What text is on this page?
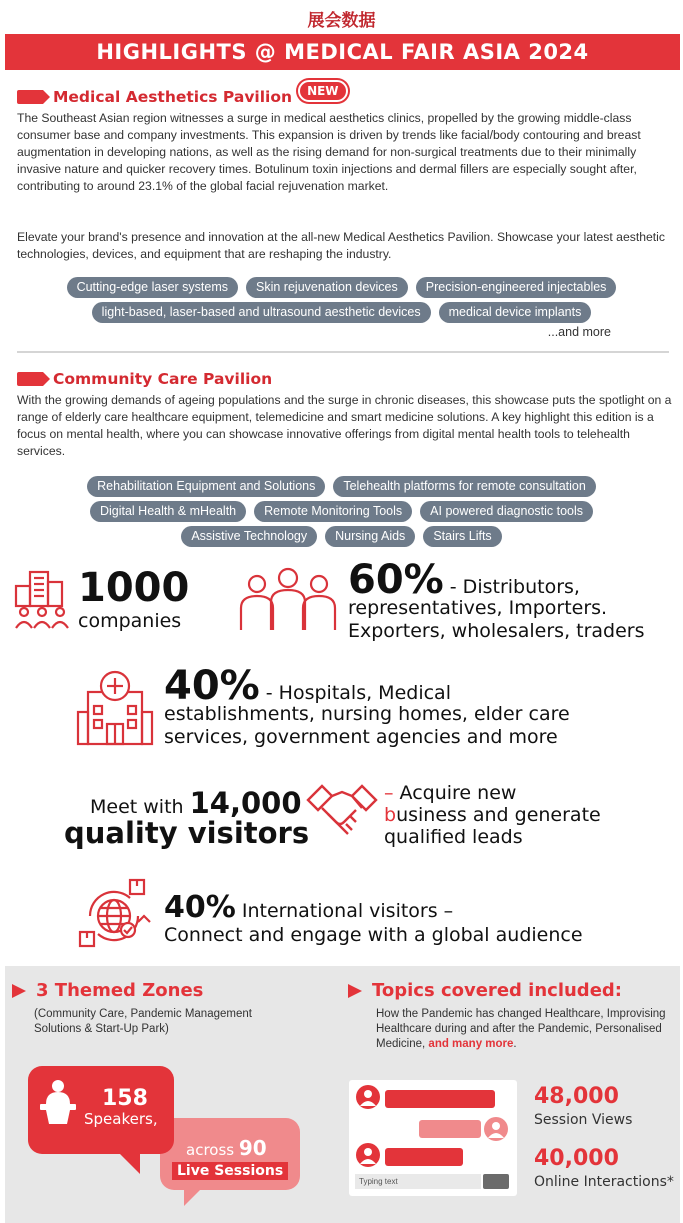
展会数据
HIGHLIGHTS @ MEDICAL FAIR ASIA 2024
Medical Aesthetics Pavilion	NEW
The Southeast Asian region witnesses a surge in medical aesthetics clinics, propelled by the growing middle-class consumer base and company investments. This expansion is driven by trends like facial/body contouring and breast augmentation in developing nations, as well as the rising demand for non-surgical treatments due to their minimally invasive nature and quicker recovery times. Botulinum toxin injections and dermal fillers are especially sought after, contributing to around 23.1% of the global facial rejuvenation market.
Elevate your brand's presence and innovation at the all-new Medical Aesthetics Pavilion. Showcase your latest aesthetic technologies, devices, and equipment that are reshaping the industry.
Cutting-edge laser systems	Skin rejuvenation devices	Precision-engineered injectables
light-based, laser-based and ultrasound aesthetic devices	medical device implants
...and more
Community Care Pavilion
With the growing demands of ageing populations and the surge in chronic diseases, this showcase puts the spotlight on a range of elderly care healthcare equipment, telemedicine and smart medicine solutions. A key highlight this edition is a focus on mental health, where you can showcase innovative offerings from digital mental health tools to telehealth services.
Rehabilitation Equipment and Solutions	Telehealth platforms for remote consultation
Digital Health & mHealth	Remote Monitoring Tools	AI powered diagnostic tools
Assistive Technology	Nursing Aids	Stairs Lifts
1000
companies
60% - Distributors,
representatives, Importers.
Exporters, wholesalers, traders
40% - Hospitals, Medical
establishments, nursing homes, elder care
services, government agencies and more
Meet with 14,000
quality visitors
– Acquire new
business and generate
qualified leads
40% International visitors –
Connect and engage with a global audience
3 Themed Zones
(Community Care, Pandemic Management Solutions & Start-Up Park)
158
Speakers,
across 90
Live Sessions
Topics covered included:
How the Pandemic has changed Healthcare, Improvising Healthcare during and after the Pandemic, Personalised Medicine, and many more.
Typing text
48,000
Session Views
40,000
Online Interactions*
